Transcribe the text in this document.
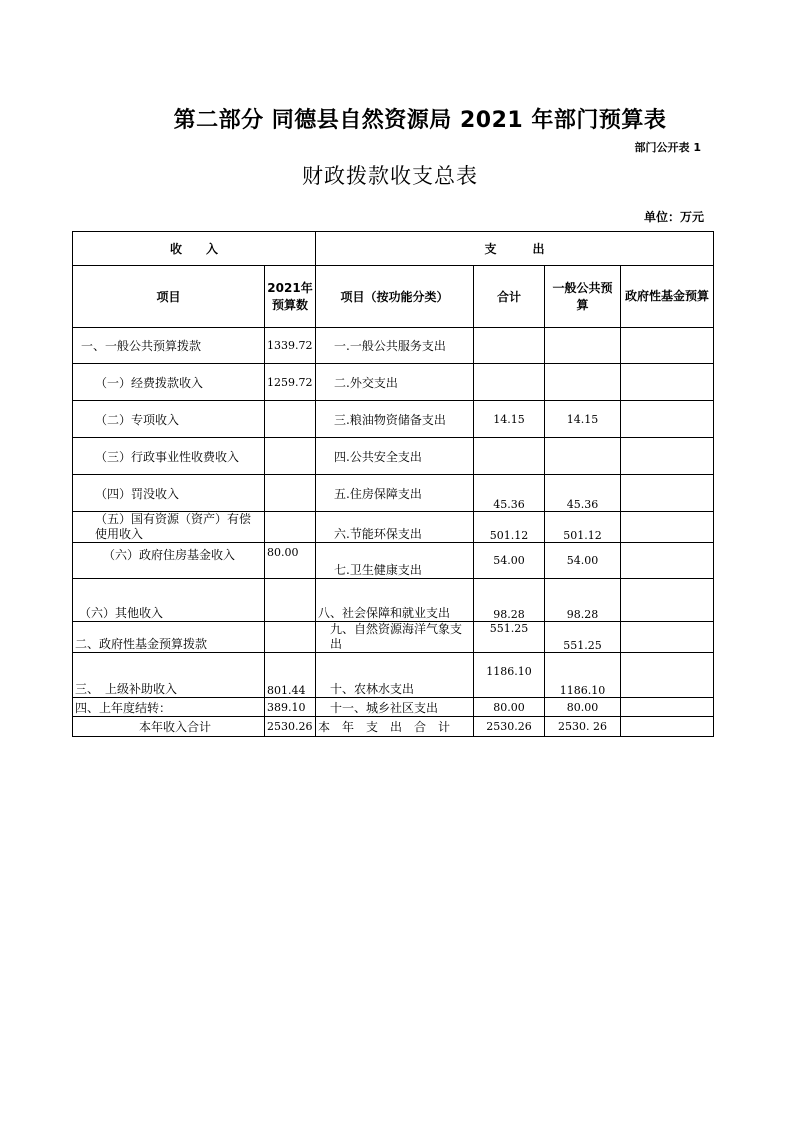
第二部分 同德县自然资源局 2021 年部门预算表
部门公开表 1
财政拨款收支总表
单位：万元
收　　入		支　　　出			
项目	2021年预算数	项目（按功能分类）	合计	一般公共预算	政府性基金预算
一、一般公共预算拨款	1339.72	一.一般公共服务支出			
（一）经费拨款收入	1259.72	二.外交支出			
（二）专项收入		三.粮油物资储备支出	14.15	14.15	
（三）行政事业性收费收入		四.公共安全支出			
（四）罚没收入		五.住房保障支出	45.36	45.36	
（五）国有资源（资产）有偿使用收入		六.节能环保支出	501.12	501.12	
（六）政府住房基金收入	80.00	七.卫生健康支出	54.00	54.00	
（六）其他收入		八、社会保障和就业支出	98.28	98.28	
二、政府性基金预算拨款		九、自然资源海洋气象支出	551.25	551.25	
三、　上级补助收入	801.44	十、农林水支出	1186.10	1186.10	
四、上年度结转：	389.10	十一、城乡社区支出	80.00	80.00	
本年收入合计	2530.26	本　年　支　出　合　计	2530.26	2530. 26	
